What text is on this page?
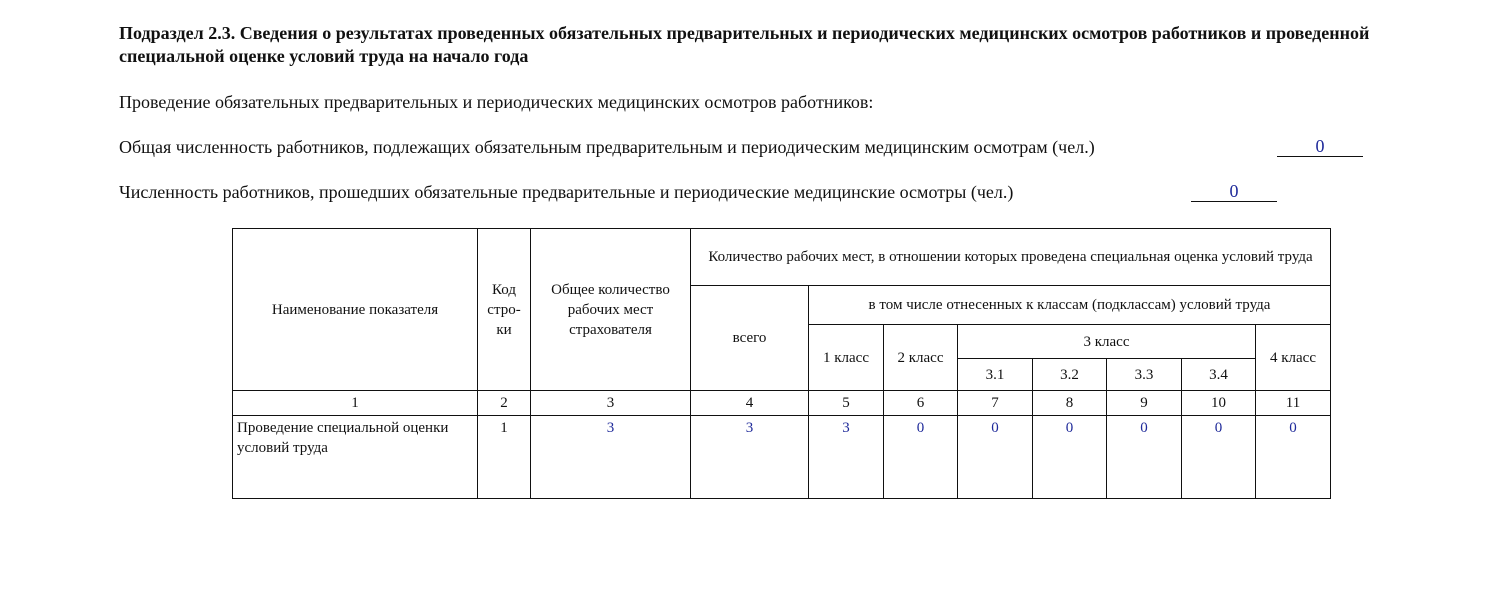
Подраздел 2.3. Сведения о результатах проведенных обязательных предварительных и периодических медицинских осмотров работников и проведенной специальной оценке условий труда на начало года
Проведение обязательных предварительных и периодических медицинских осмотров работников:
Общая численность работников, подлежащих обязательным предварительным и периодическим медицинским осмотрам (чел.)	0
Численность работников, прошедших обязательные предварительные и периодические медицинские осмотры (чел.)	0
Наименование показателя	Код стро- ки	Общее количество рабочих мест страхователя	Количество рабочих мест, в отношении которых проведена специальная оценка условий труда							
			всего	в том числе отнесенных к классам (подклассам) условий труда						
				1 класс	2 класс	3 класс				4 класс
						3.1	3.2	3.3	3.4	
1	2	3	4	5	6	7	8	9	10	11
Проведение специальной оценки условий труда	1	3	3	3	0	0	0	0	0	0
